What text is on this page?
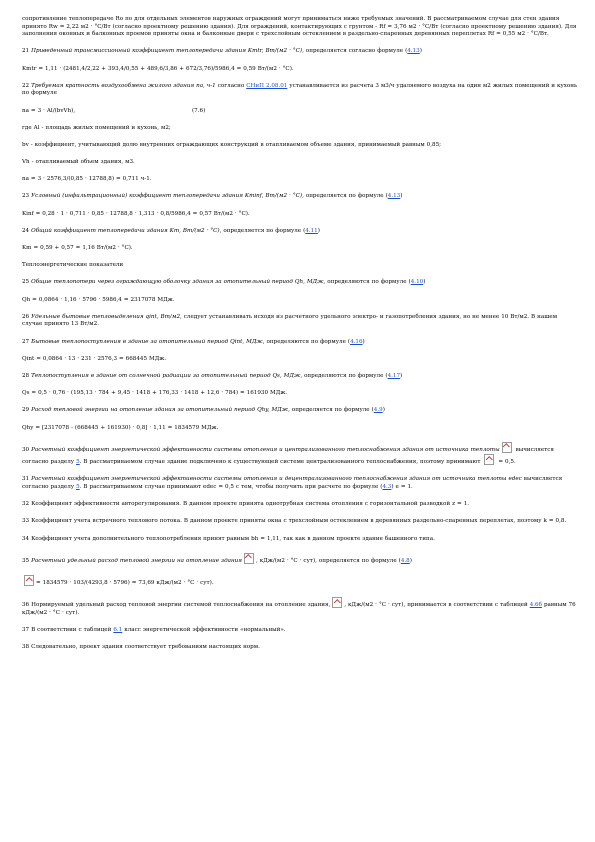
сопротивление теплопередаче Rо по для отдельных элементов наружных ограждений могут приниматься ниже требуемых значений. В рассматриваемом случае для стен здания принято Rw = 2,22 м2 · °С/Вт (согласно проектному решению здания). Для ограждений, контактирующих с грунтом - Rf = 3,76 м2 · °С/Вт (согласно проектному решению здания). Для заполнения оконных и балконных проемов приняты окна и балконные двери с трехслойным остеклением в раздельно-спаренных деревянных переплетах Rf = 0,55 м2 · °С/Вт.

21 Приведенный трансмиссионный коэффициент теплопередачи здания Kmtr, Вт/(м2 · °С), определяется согласно формуле (4.13)

Kmtr = 1,11 · (2481,4/2,22 + 393,4/0,55 + 489,6/3,86 + 672/3,76)/5986,4 = 0,59 Вт/(м2 · °С).

22 Требуемая кратность воздухообмена жилого здания na, ч-1 согласно СНиП 2.08.01 устанавливается из расчета 3 м3/ч удаляемого воздуха на один м2 жилых помещений и кухонь по формуле

na = 3 · Al/(bvVh),	(7.6)

где Al - площадь жилых помещений и кухонь, м2;

bv - коэффициент, учитывающий долю внутренних ограждающих конструкций в отапливаемом объеме здания, принимаемый равным 0,85;

Vh - отапливаемый объем здания, м3.

na = 3 · 2576,3/(0,85 · 12788,8) = 0,711 ч-1.

23 Условный (инфильтрационный) коэффициент теплопередачи здания Kminf, Вт/(м2 · °С), определяется по формуле (4.13)

Kinf = 0,28 · 1 · 0,711 · 0,85 · 12788,8 · 1,313 · 0,8/5986,4 = 0,57 Вт/(м2 · °С).

24 Общий коэффициент теплопередачи здания Km, Вт/(м2 · °С), определяется по формуле (4.11)

Km = 0,59 + 0,57 = 1,16 Вт/(м2 · °С).

Теплоэнергетические показатели

25 Общие теплопотери через ограждающую оболочку здания за отопительный период Qh, МДж, определяются по формуле (4.10)

Qh = 0,0864 · 1,16 · 5796 · 5986,4 = 2317078 МДж.

26 Удельные бытовые тепловыделения qint, Вт/м2, следует устанавливать исходя из расчетного удельного электро- и газопотребления здания, но не менее 10 Вт/м2. В нашем случае принято 13 Вт/м2.

27 Бытовые теплопоступления в здание за отопительный период Qint, МДж, определяются по формуле (4.16)

Qint = 0,0864 · 13 · 231 · 2576,3 = 668445 МДж.

28 Теплопоступления в здание от солнечной радиации за отопительный период Qs, МДж, определяются по формуле (4.17)

Qs = 0,5 · 0,76 · (195,13 · 784 + 9,45 · 1418 + 176,33 · 1418 + 12,6 · 784) = 161930 МДж.

29 Расход тепловой энергии на отопление здания за отопительный период Qhy, МДж, определяется по формуле (4.9)

Qhy = [2317078 - (668445 + 161930) · 0,8] · 1,11 = 1834579 МДж.

30 Расчетный коэффициент энергетической эффективности системы отопления и централизованного теплоснабжения здания от источника теплоты	вычисляется согласно разделу 5. В рассматриваемом случае здание подключено к существующей системе централизованного теплоснабжения, поэтому принимают	= 0,5.

31 Расчетный коэффициент энергетической эффективности системы отопления и децентрализованного теплоснабжения здания от источника теплоты edec вычисляется согласно разделу 5. В рассматриваемом случае принимают edec = 0,5 с тем, чтобы получить при расчете по формуле (4.3) e = 1.

32 Коэффициент эффективности авторегулирования. В данном проекте принята однотрубная система отопления с горизонтальной разводкой z = 1.

33 Коэффициент учета встречного теплового потока. В данном проекте приняты окна с трехслойным остеклением в деревянных раздельно-спаренных переплетах, поэтому k = 0,8.

34 Коэффициент учета дополнительного теплопотребления принят равным bh = 1,11, так как в данном проекте здание башенного типа.

35 Расчетный удельный расход тепловой энергии на отопление здания	, кДж/(м2 · °С · сут), определяется по формуле (4.8)

= 1834579 · 103/(4293,8 · 5796) = 73,69 кДж/(м2 · °С · сут).

36 Нормируемый удельный расход тепловой энергии системой теплоснабжения на отопление здания,	, кДж/(м2 · °С · сут), принимается в соответствии с таблицей 4.6б равным 76 кДж/(м2 · °С · сут).

37 В соответствии с таблицей 6.1 класс энергетической эффективности «нормальный».

38 Следовательно, проект здания соответствует требованиям настоящих норм.
